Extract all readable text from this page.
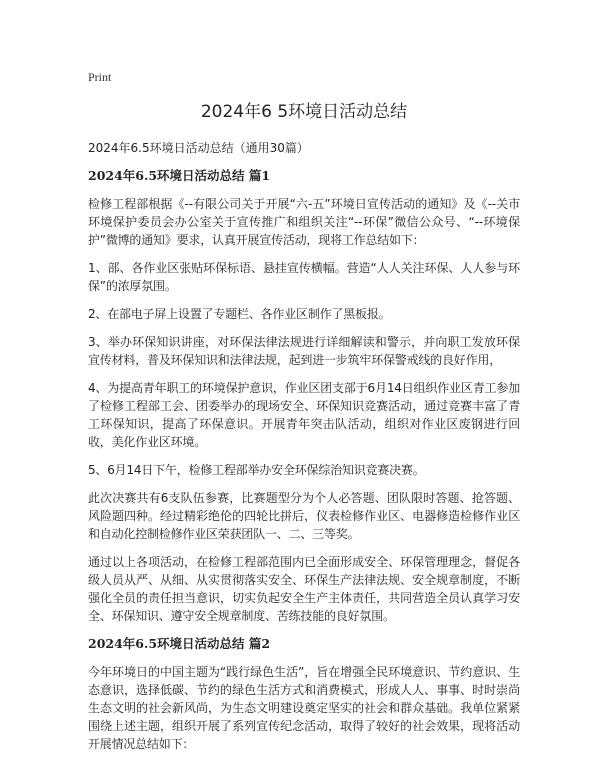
Print
2024年6 5环境日活动总结

2024年6.5环境日活动总结（通用30篇）

2024年6.5环境日活动总结 篇1

检修工程部根据《--有限公司关于开展“六-五”环境日宣传活动的通知》及《--关市环境保护委员会办公室关于宣传推广和组织关注“--环保”微信公众号、“--环境保护”微博的通知》要求，认真开展宣传活动，现将工作总结如下：

1、部、各作业区张贴环保标语、悬挂宣传横幅。营造“人人关注环保、人人参与环保”的浓厚氛围。

2、在部电子屏上设置了专题栏、各作业区制作了黑板报。

3、举办环保知识讲座，对环保法律法规进行详细解读和警示，并向职工发放环保宣传材料，普及环保知识和法律法规，起到进一步筑牢环保警戒线的良好作用，

4、为提高青年职工的环境保护意识，作业区团支部于6月14日组织作业区青工参加了检修工程部工会、团委举办的现场安全、环保知识竞赛活动，通过竞赛丰富了青工环保知识，提高了环保意识。开展青年突击队活动，组织对作业区废钢进行回收，美化作业区环境。

5、6月14日下午，检修工程部举办安全环保综治知识竞赛决赛。

此次决赛共有6支队伍参赛，比赛题型分为个人必答题、团队限时答题、抢答题、风险题四种。经过精彩绝伦的四轮比拼后，仪表检修作业区、电器修造检修作业区和自动化控制检修作业区荣获团队一、二、三等奖。

通过以上各项活动，在检修工程部范围内已全面形成安全、环保管理理念，督促各级人员从严、从细、从实贯彻落实安全、环保生产法律法规、安全规章制度，不断强化全员的责任担当意识，切实负起安全生产主体责任，共同营造全员认真学习安全、环保知识、遵守安全规章制度、苦练技能的良好氛围。

2024年6.5环境日活动总结 篇2

今年环境日的中国主题为“践行绿色生活”，旨在增强全民环境意识、节约意识、生态意识，选择低碳、节约的绿色生活方式和消费模式，形成人人、事事、时时崇尚生态文明的社会新风尚，为生态文明建设奠定坚实的社会和群众基础。我单位紧紧围绕上述主题，组织开展了系列宣传纪念活动，取得了较好的社会效果，现将活动开展情况总结如下：
